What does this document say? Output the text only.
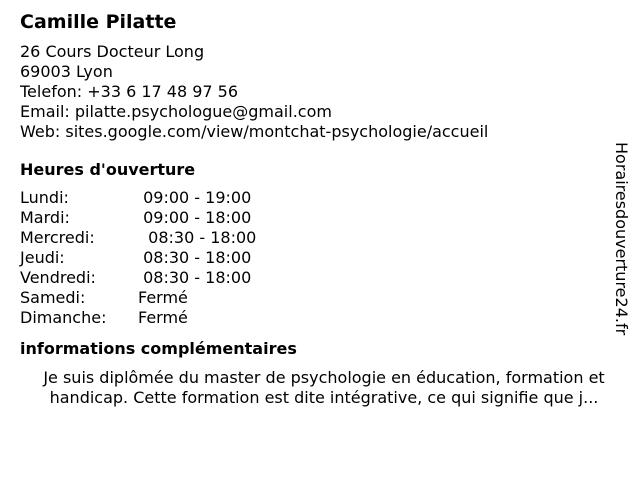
Camille Pilatte
26 Cours Docteur Long
69003 Lyon
Telefon: +33 6 17 48 97 56
Email: pilatte.psychologue@gmail.com
Web: sites.google.com/view/montchat-psychologie/accueil
Heures d'ouverture
Lundi:	09:00 - 19:00
Mardi:	09:00 - 18:00
Mercredi:	08:30 - 18:00
Jeudi:	08:30 - 18:00
Vendredi:	08:30 - 18:00
Samedi:	Fermé
Dimanche:	Fermé
informations complémentaires
Je suis diplômée du master de psychologie en éducation, formation et
handicap. Cette formation est dite intégrative, ce qui signifie que j...
Horairesdouverture24.fr
